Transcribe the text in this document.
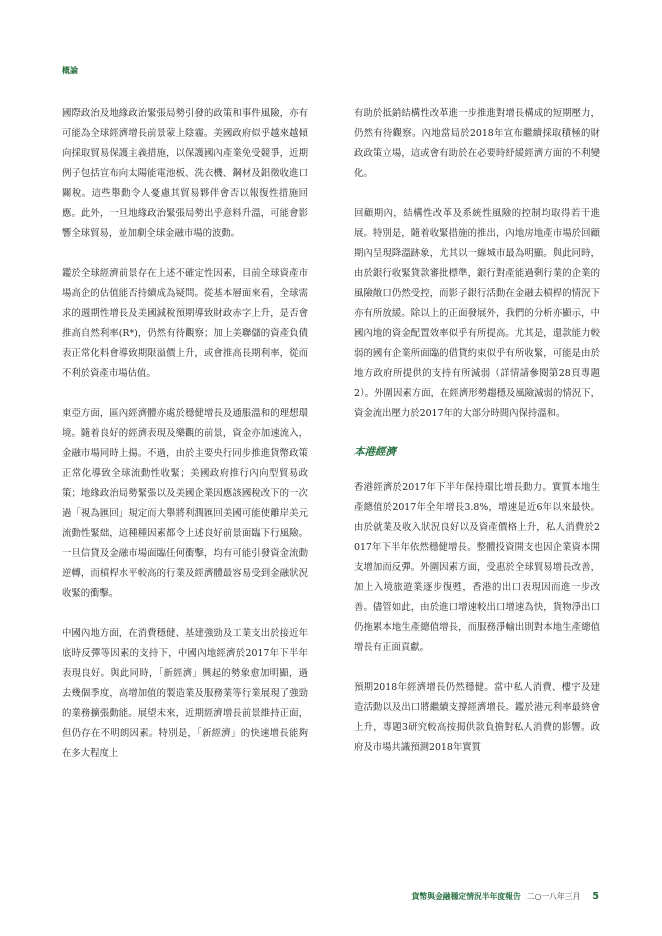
概論

國際政治及地緣政治緊張局勢引發的政策和事件風險，亦有可能為全球經濟增長前景蒙上陰霾。美國政府似乎越來越傾向採取貿易保護主義措施，以保護國內產業免受競爭，近期例子包括宣布向太陽能電池板、洗衣機、鋼材及鋁徵收進口關稅。這些舉動令人憂慮其貿易夥伴會否以報復性措施回應。此外，一旦地緣政治緊張局勢出乎意料升溫，可能會影響全球貿易，並加劇全球金融市場的波動。

鑑於全球經濟前景存在上述不確定性因素，目前全球資產市場高企的估值能否持續成為疑問。從基本層面來看，全球需求的週期性增長及美國減稅預期導致財政赤字上升，是否會推高自然利率(R*)，仍然有待觀察；加上美聯儲的資產負債表正常化料會導致期限溢價上升，或會推高長期利率，從而不利於資產市場估值。

東亞方面，區內經濟體亦處於穩健增長及通脹溫和的理想環境。隨着良好的經濟表現及樂觀的前景，資金亦加速流入，金融市場同時上揚。不過，由於主要央行同步推進貨幣政策正常化導致全球流動性收緊；美國政府推行內向型貿易政策；地緣政治局勢緊張以及美國企業因應該國稅改下的一次過「視為匯回」規定而大舉將利潤匯回美國可能使離岸美元流動性緊絀，這種種因素都令上述良好前景面臨下行風險。一旦信貸及金融市場面臨任何衝擊，均有可能引發資金流動逆轉，而槓桿水平較高的行業及經濟體最容易受到金融狀況收緊的衝擊。

中國內地方面，在消費穩健、基建強勁及工業支出於接近年底時反彈等因素的支持下，中國內地經濟於2017年下半年表現良好。與此同時，「新經濟」興起的勢象愈加明顯，過去幾個季度，高增加值的製造業及服務業等行業展現了強勁的業務擴張動能。展望未來，近期經濟增長前景維持正面，但仍存在不明朗因素。特別是，「新經濟」的快速增長能夠在多大程度上

有助於抵銷結構性改革進一步推進對增長構成的短期壓力，仍然有待觀察。內地當局於2018年宣布繼續採取積極的財政政策立場，這或會有助於在必要時紓緩經濟方面的不利變化。

回顧期內，結構性改革及系統性風險的控制均取得若干進展。特別是，隨着收緊措施的推出，內地房地產市場於回顧期內呈現降溫跡象，尤其以一線城市最為明顯。與此同時，由於銀行收緊貸款審批標準，銀行對產能過剩行業的企業的風險敞口仍然受控，而影子銀行活動在金融去槓桿的情況下亦有所放緩。除以上的正面發展外，我們的分析亦顯示，中國內地的資金配置效率似乎有所提高。尤其是，還款能力較弱的國有企業所面臨的借貸約束似乎有所收緊，可能是由於地方政府所提供的支持有所減弱（詳情請參閱第28頁專題2）。外圍因素方面，在經濟形勢趨穩及風險減弱的情況下，資金流出壓力於2017年的大部分時間內保持溫和。

本港經濟

香港經濟於2017年下半年保持環比增長動力。實質本地生產總值於2017年全年增長3.8%，增速是近6年以來最快。由於就業及收入狀況良好以及資產價格上升，私人消費於2017年下半年依然穩健增長。整體投資開支也因企業資本開支增加而反彈。外圍因素方面，受惠於全球貿易增長改善，加上入境旅遊業逐步復甦，香港的出口表現因而進一步改善。儘管如此，由於進口增速較出口增速為快，貨物淨出口仍拖累本地生產總值增長，而服務淨輸出則對本地生產總值增長有正面貢獻。

預期2018年經濟增長仍然穩健。當中私人消費、樓宇及建造活動以及出口將繼續支撐經濟增長。鑑於港元利率最終會上升，專題3研究較高按揭供款負擔對私人消費的影響。政府及市場共識預測2018年實質

貨幣與金融穩定情況半年度報告 二○一八年三月 5
